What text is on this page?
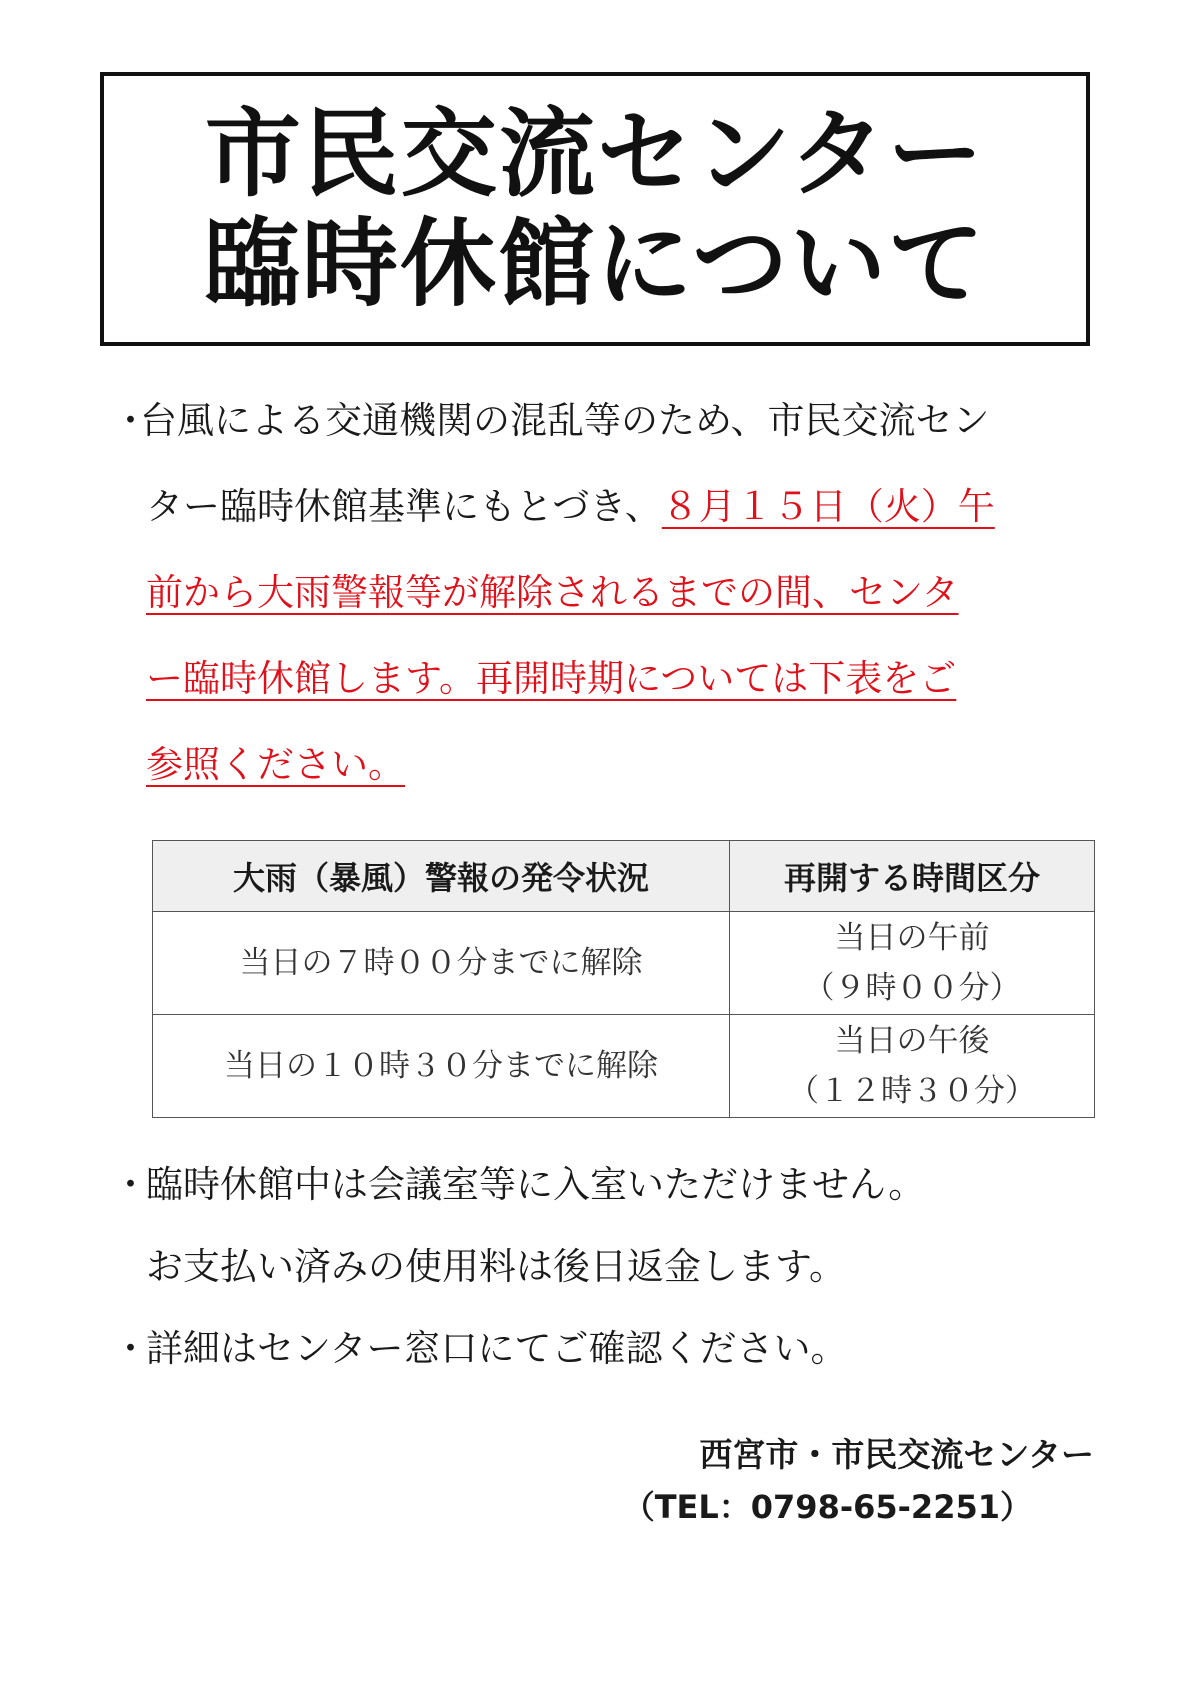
市民交流センター
臨時休館について
・台風による交通機関の混乱等のため、市民交流セン
ター臨時休館基準にもとづき、８月１５日（火）午
前から大雨警報等が解除されるまでの間、センタ
ー臨時休館します。再開時期については下表をご
参照ください。
大雨（暴風）警報の発令状況	再開する時間区分
当日の７時００分までに解除	当日の午前
（９時００分）

当日の１０時３０分までに解除	当日の午後
（１２時３０分）
・臨時休館中は会議室等に入室いただけません。
お支払い済みの使用料は後日返金します。
・詳細はセンター窓口にてご確認ください。
西宮市・市民交流センター
（TEL：0798-65-2251）
